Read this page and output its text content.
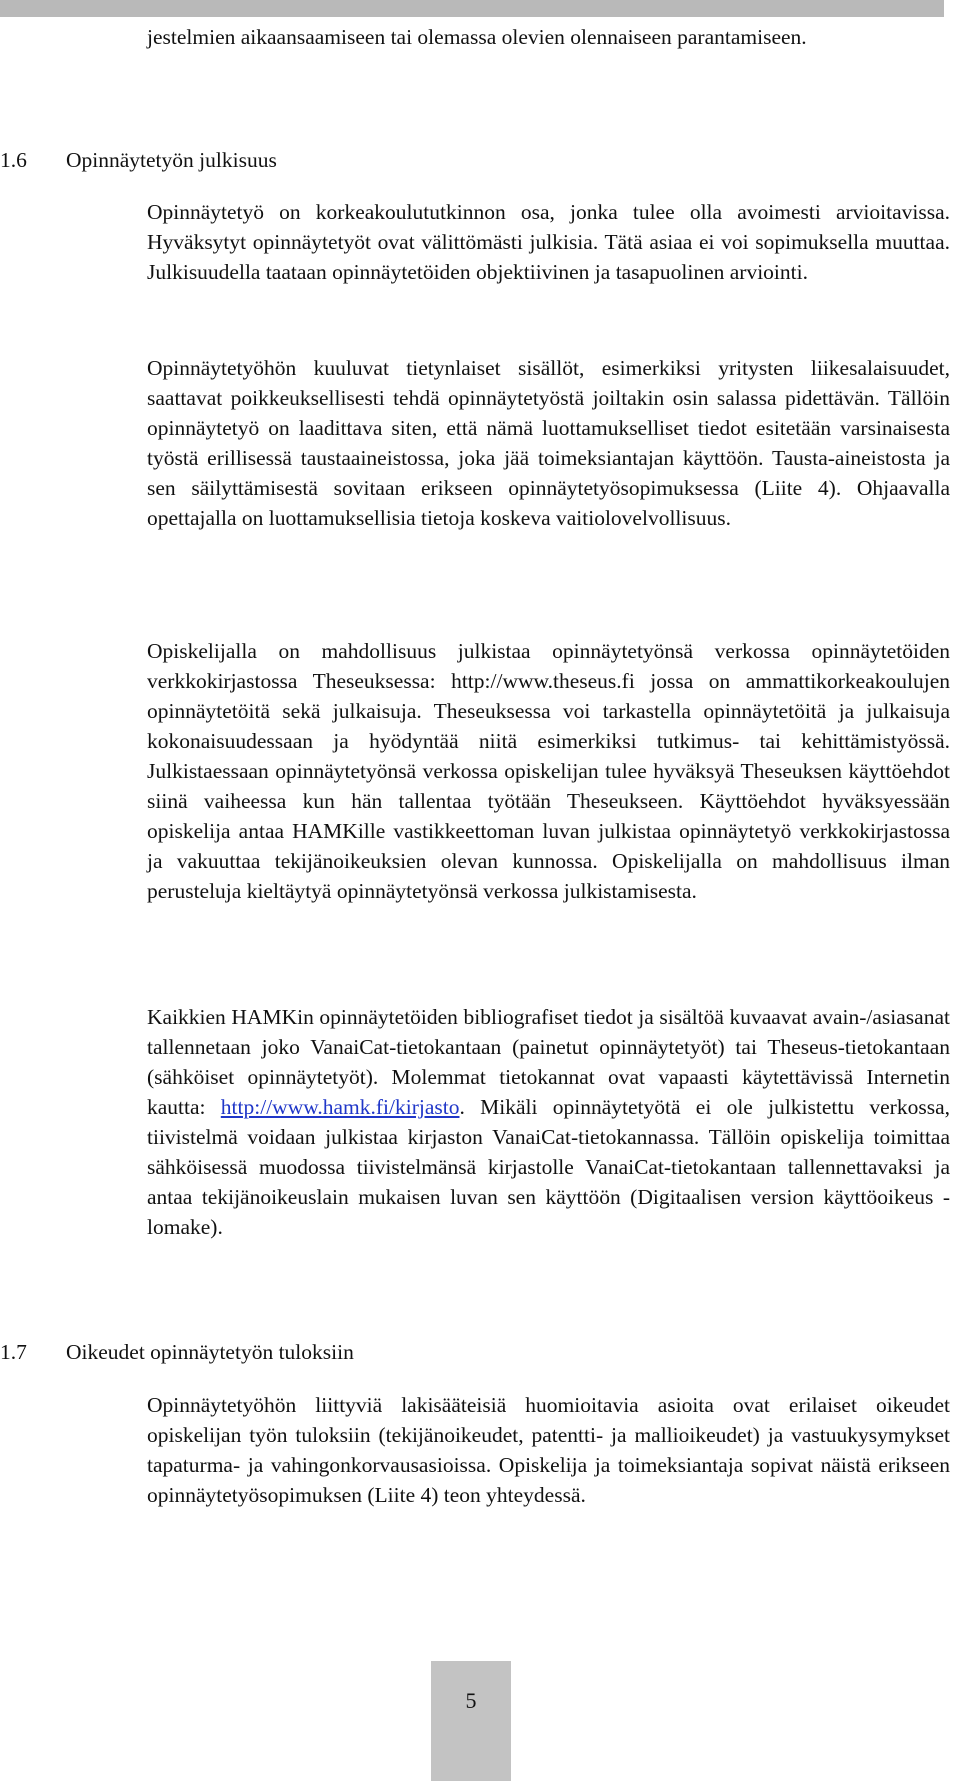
jestelmien aikaansaamiseen tai olemassa olevien olennaiseen parantamiseen.

1.6 Opinnäytetyön julkisuus

Opinnäytetyö on korkeakoulututkinnon osa, jonka tulee olla avoimesti arvioitavissa. Hyväksytyt opinnäytetyöt ovat välittömästi julkisia. Tätä asiaa ei voi sopimuksella muuttaa. Julkisuudella taataan opinnäytetöiden objektiivinen ja tasapuolinen arviointi.

Opinnäytetyöhön kuuluvat tietynlaiset sisällöt, esimerkiksi yritysten liikesalaisuudet, saattavat poikkeuksellisesti tehdä opinnäytetyöstä joiltakin osin salassa pidettävän. Tällöin opinnäytetyö on laadittava siten, että nämä luottamukselliset tiedot esitetään varsinaisesta työstä erillisessä taustaaineistossa, joka jää toimeksiantajan käyttöön. Tausta-aineistosta ja sen säilyttämisestä sovitaan erikseen opinnäytetyösopimuksessa (Liite 4). Ohjaavalla opettajalla on luottamuksellisia tietoja koskeva vaitiolovelvollisuus.

Opiskelijalla on mahdollisuus julkistaa opinnäytetyönsä verkossa opinnäytetöiden verkkokirjastossa Theseuksessa: http://www.theseus.fi jossa on ammattikorkeakoulujen opinnäytetöitä sekä julkaisuja. Theseuksessa voi tarkastella opinnäytetöitä ja julkaisuja kokonaisuudessaan ja hyödyntää niitä esimerkiksi tutkimus- tai kehittämistyössä. Julkistaessaan opinnäytetyönsä verkossa opiskelijan tulee hyväksyä Theseuksen käyttöehdot siinä vaiheessa kun hän tallentaa työtään Theseukseen. Käyttöehdot hyväksyessään opiskelija antaa HAMKille vastikkeettoman luvan julkistaa opinnäytetyö verkkokirjastossa ja vakuuttaa tekijänoikeuksien olevan kunnossa. Opiskelijalla on mahdollisuus ilman perusteluja kieltäytyä opinnäytetyönsä verkossa julkistamisesta.

Kaikkien HAMKin opinnäytetöiden bibliografiset tiedot ja sisältöä kuvaavat avain-/asiasanat tallennetaan joko VanaiCat-tietokantaan (painetut opinnäytetyöt) tai Theseus-tietokantaan (sähköiset opinnäytetyöt). Molemmat tietokannat ovat vapaasti käytettävissä Internetin kautta: http://www.hamk.fi/kirjasto. Mikäli opinnäytetyötä ei ole julkistettu verkossa, tiivistelmä voidaan julkistaa kirjaston VanaiCat-tietokannassa. Tällöin opiskelija toimittaa sähköisessä muodossa tiivistelmänsä kirjastolle VanaiCat-tietokantaan tallennettavaksi ja antaa tekijänoikeuslain mukaisen luvan sen käyttöön (Digitaalisen version käyttöoikeus -lomake).

1.7 Oikeudet opinnäytetyön tuloksiin

Opinnäytetyöhön liittyviä lakisääteisiä huomioitavia asioita ovat erilaiset oikeudet opiskelijan työn tuloksiin (tekijänoikeudet, patentti- ja mallioikeudet) ja vastuukysymykset tapaturma- ja vahingonkorvausasioissa. Opiskelija ja toimeksiantaja sopivat näistä erikseen opinnäytetyösopimuksen (Liite 4) teon yhteydessä.

5
